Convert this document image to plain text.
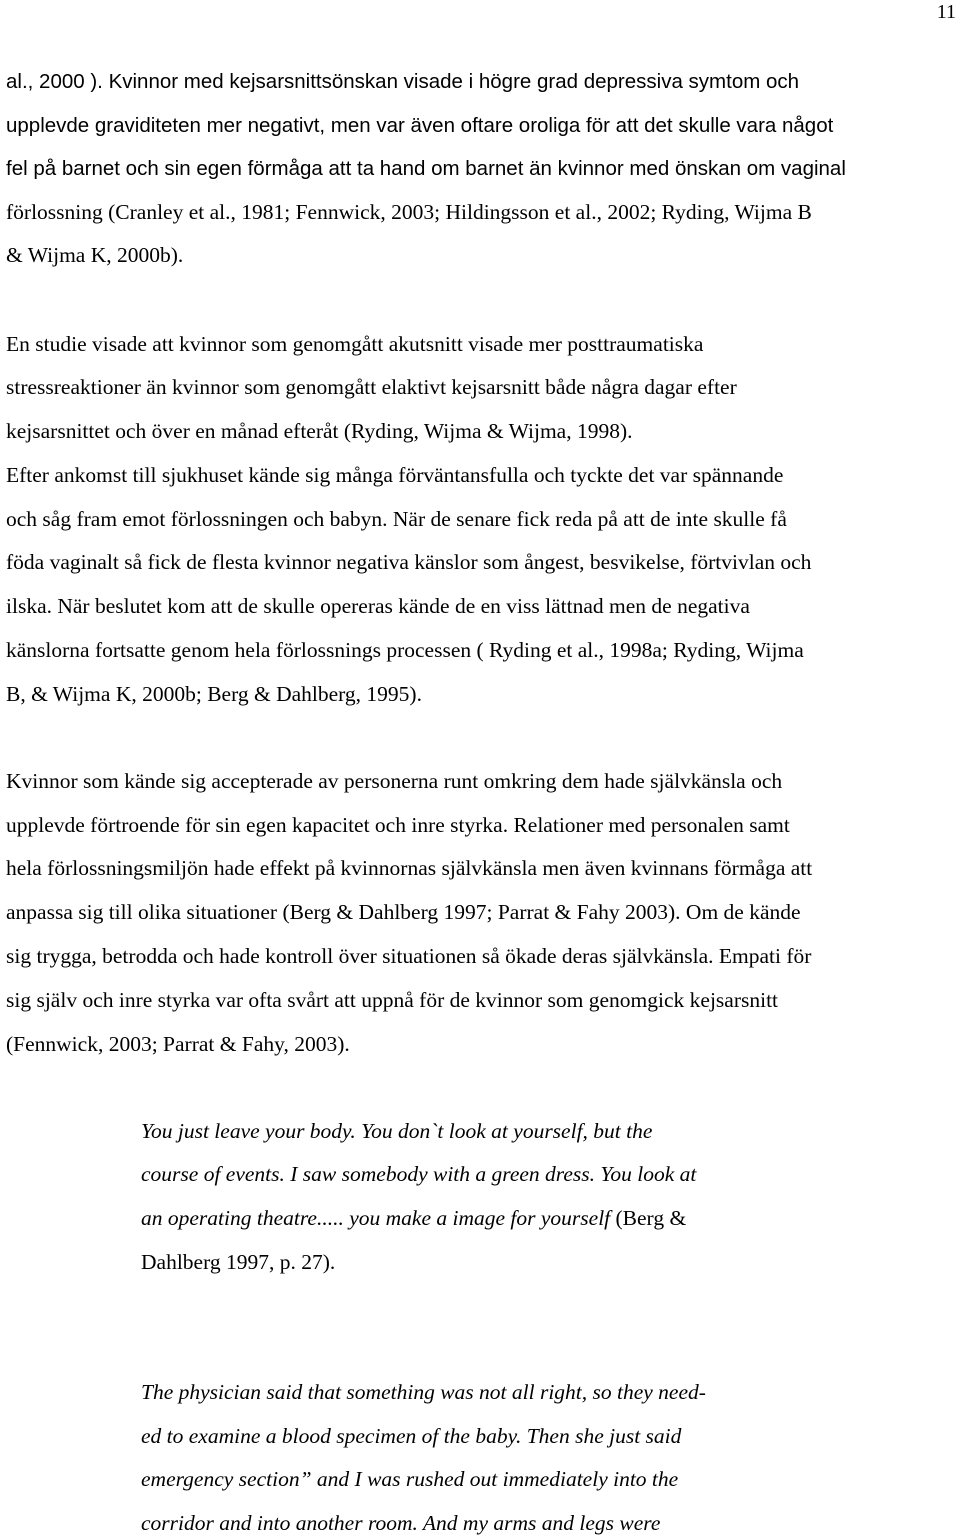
11
al., 2000 ). Kvinnor med kejsarsnittsönskan visade i högre grad depressiva symtom och
upplevde graviditeten mer negativt, men var även oftare oroliga för att det skulle vara något
fel på barnet och sin egen förmåga att ta hand om barnet än kvinnor med önskan om vaginal
förlossning (Cranley et al., 1981; Fennwick, 2003; Hildingsson et al., 2002; Ryding, Wijma B
& Wijma K, 2000b).
En studie visade att kvinnor som genomgått akutsnitt visade mer posttraumatiska
stressreaktioner än kvinnor som genomgått elaktivt kejsarsnitt både några dagar efter
kejsarsnittet och över en månad efteråt (Ryding, Wijma & Wijma, 1998).
Efter ankomst till sjukhuset kände sig många förväntansfulla och tyckte det var spännande
och såg fram emot förlossningen och babyn. När de senare fick reda på att de inte skulle få
föda vaginalt så fick de flesta kvinnor negativa känslor som ångest, besvikelse, förtvivlan och
ilska. När beslutet kom att de skulle opereras kände de en viss lättnad men de negativa
känslorna fortsatte genom hela förlossnings processen ( Ryding et al., 1998a; Ryding, Wijma
B, & Wijma K, 2000b; Berg & Dahlberg, 1995).
Kvinnor som kände sig accepterade av personerna runt omkring dem hade självkänsla och
upplevde förtroende för sin egen kapacitet och inre styrka. Relationer med personalen samt
hela förlossningsmiljön hade effekt på kvinnornas självkänsla men även kvinnans förmåga att
anpassa sig till olika situationer (Berg & Dahlberg 1997; Parrat & Fahy 2003). Om de kände
sig trygga, betrodda och hade kontroll över situationen så ökade deras självkänsla. Empati för
sig själv och inre styrka var ofta svårt att uppnå för de kvinnor som genomgick kejsarsnitt
(Fennwick, 2003; Parrat & Fahy, 2003).
You just leave your body. You don`t look at yourself, but the
course of events. I saw somebody with a green dress. You look at
an operating theatre..... you make a image for yourself (Berg &
Dahlberg 1997, p. 27).
The physician said that something was not all right, so they need-
ed to examine a blood specimen of the baby. Then she just said
emergency section” and I was rushed out immediately into the
corridor and into another room. And my arms and legs were
